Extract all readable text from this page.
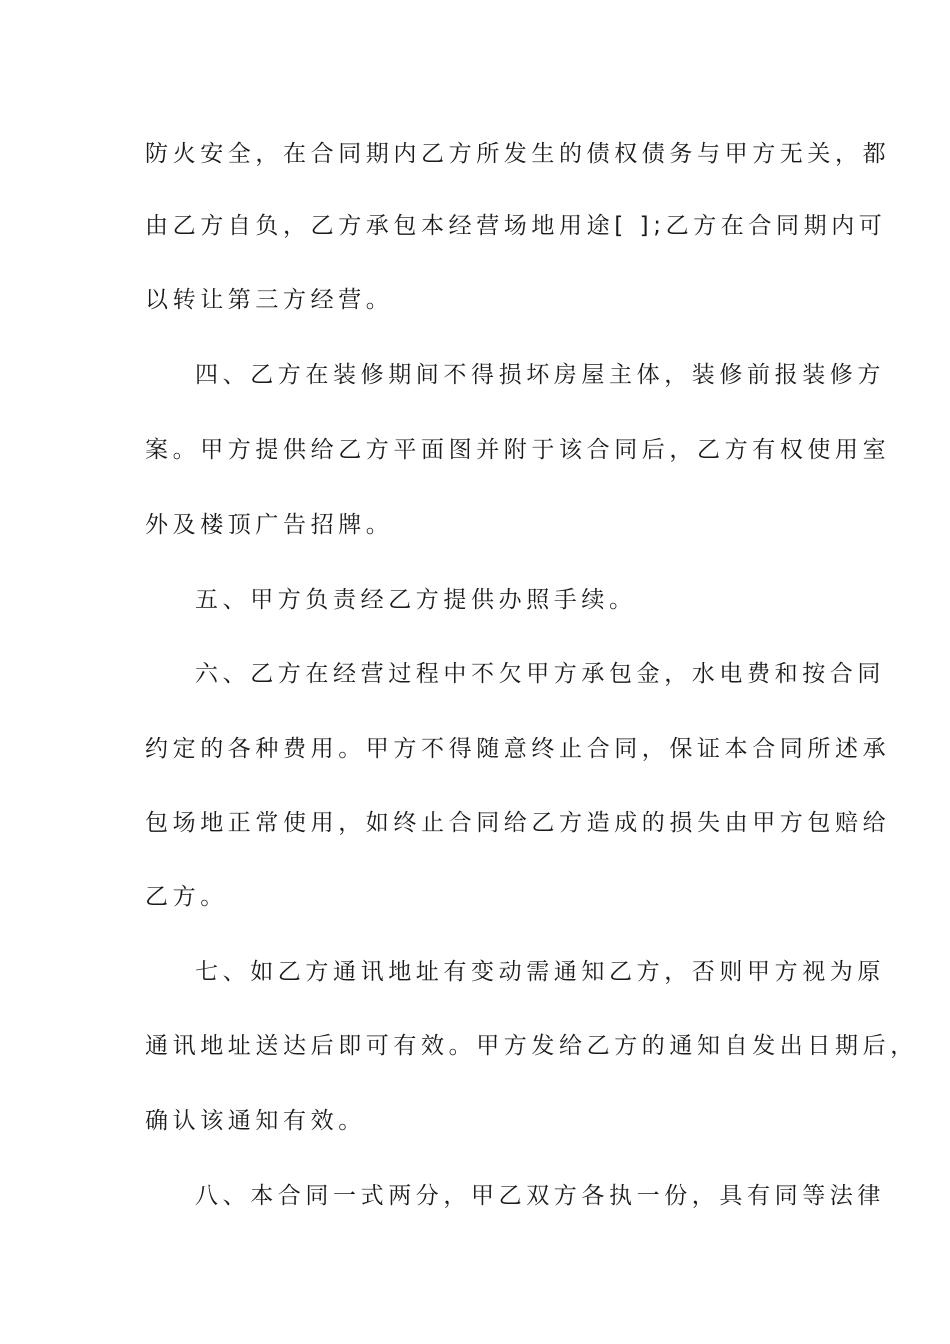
防火安全，在合同期内乙方所发生的债权债务与甲方无关，都
由乙方自负，乙方承包本经营场地用途[ ];乙方在合同期内可
以转让第三方经营。
四、乙方在装修期间不得损坏房屋主体，装修前报装修方
案。甲方提供给乙方平面图并附于该合同后，乙方有权使用室
外及楼顶广告招牌。
五、甲方负责经乙方提供办照手续。
六、乙方在经营过程中不欠甲方承包金，水电费和按合同
约定的各种费用。甲方不得随意终止合同，保证本合同所述承
包场地正常使用，如终止合同给乙方造成的损失由甲方包赔给
乙方。
七、如乙方通讯地址有变动需通知乙方，否则甲方视为原
通讯地址送达后即可有效。甲方发给乙方的通知自发出日期后，
确认该通知有效。
八、本合同一式两分，甲乙双方各执一份，具有同等法律
